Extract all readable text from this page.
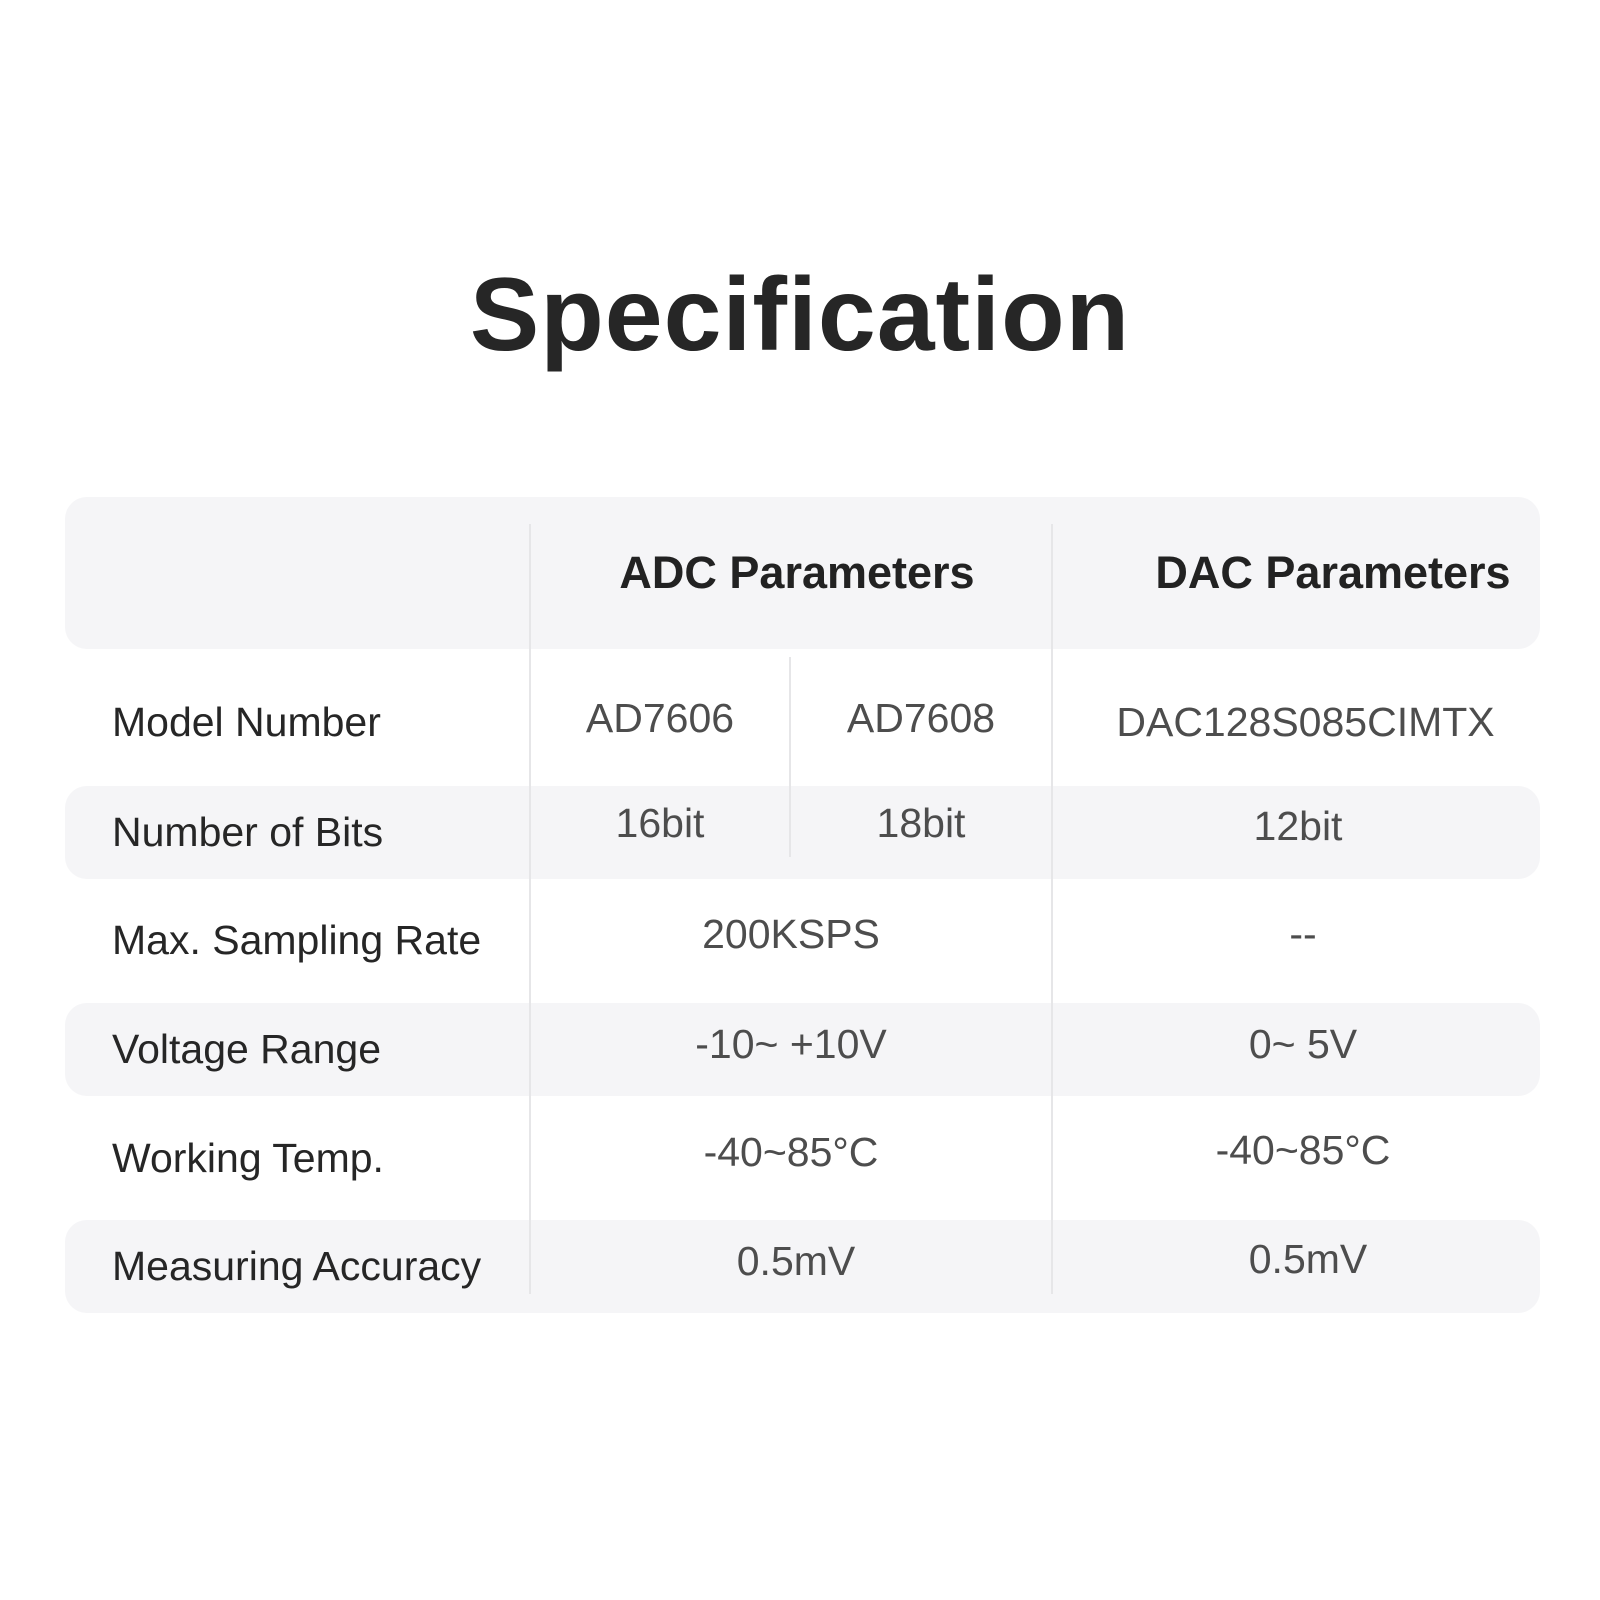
Specification
ADC Parameters	DAC Parameters
Model Number	AD7606	AD7608	DAC128S085CIMTX
Number of Bits	16bit	18bit	12bit
Max. Sampling Rate	200KSPS	--
Voltage Range	-10~ +10V	0~ 5V
Working Temp.	-40~85°C	-40~85°C
Measuring Accuracy	0.5mV	0.5mV
